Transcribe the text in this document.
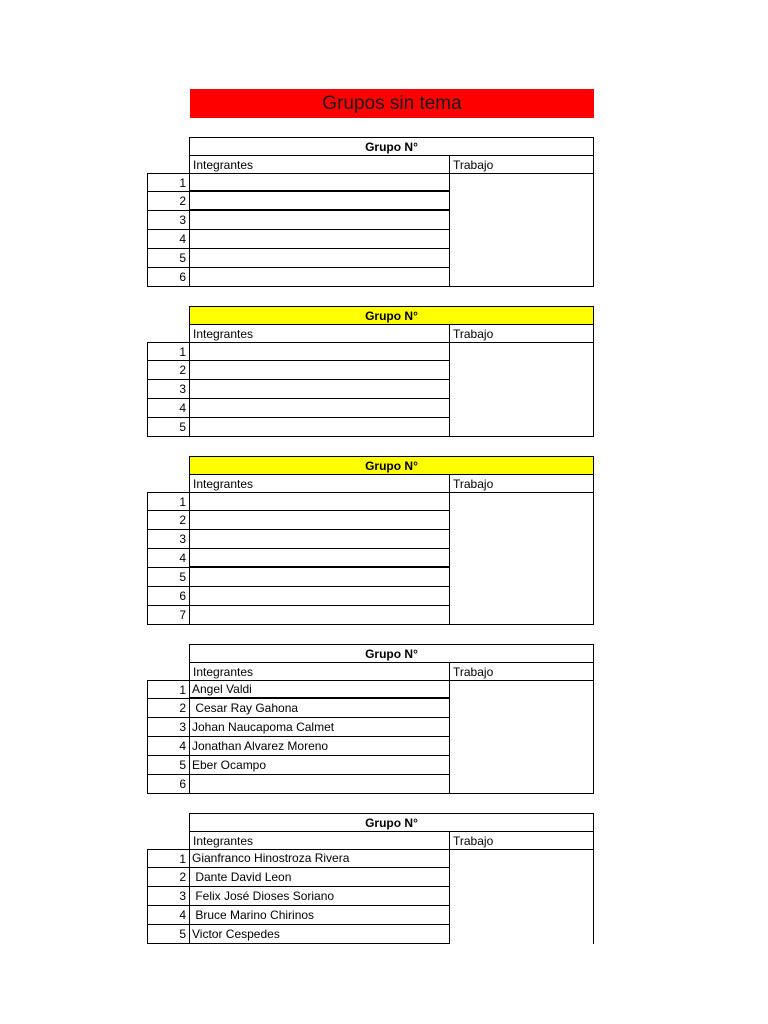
Grupos sin tema
Grupo N°
Integrantes	Trabajo
1
2
3
4
5
6
Grupo N°
Integrantes	Trabajo
1
2
3
4
5
Grupo N°
Integrantes	Trabajo
1
2
3
4
5
6
7
Grupo N°
Integrantes	Trabajo
1 Angel Valdi
2 Cesar Ray Gahona
3 Johan Naucapoma Calmet
4 Jonathan Alvarez Moreno
5 Eber Ocampo
6
Grupo N°
Integrantes	Trabajo
1 Gianfranco Hinostroza Rivera
2 Dante David Leon
3 Felix José Dioses Soriano
4 Bruce Marino Chirinos
5 Victor Cespedes
